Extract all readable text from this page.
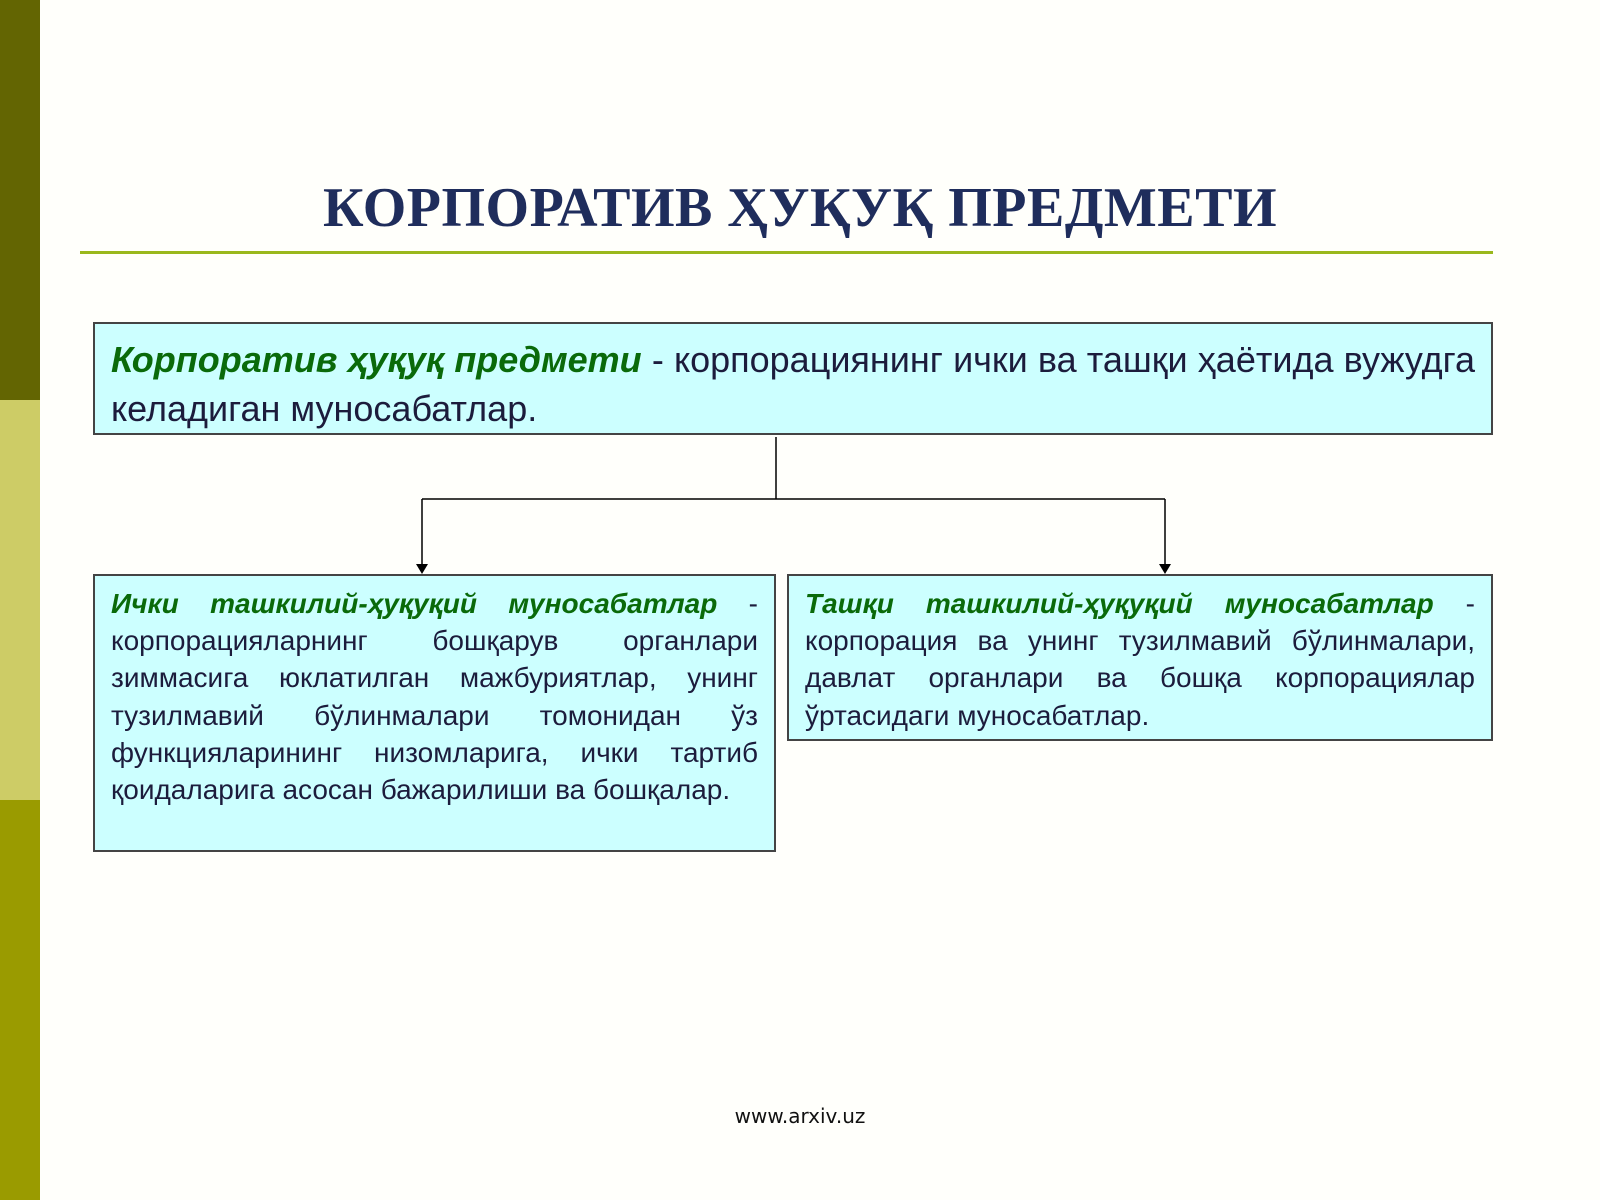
КОРПОРАТИВ ҲУҚУҚ ПРЕДМЕТИ
Корпоратив ҳуқуқ предмети - корпорациянинг ички ва ташқи ҳаётида вужудга келадиган муносабатлар.
Ички ташкилий-ҳуқуқий муносабатлар - корпорацияларнинг бошқарув органлари зиммасига юклатилган мажбуриятлар, унинг тузилмавий бўлинмалари томонидан ўз функцияларининг низомларига, ички тартиб қоидаларига асосан бажарилиши ва бошқалар.
Ташқи ташкилий-ҳуқуқий муносабатлар - корпорация ва унинг тузилмавий бўлинмалари, давлат органлари ва бошқа корпорациялар ўртасидаги муносабатлар.
www.arxiv.uz
